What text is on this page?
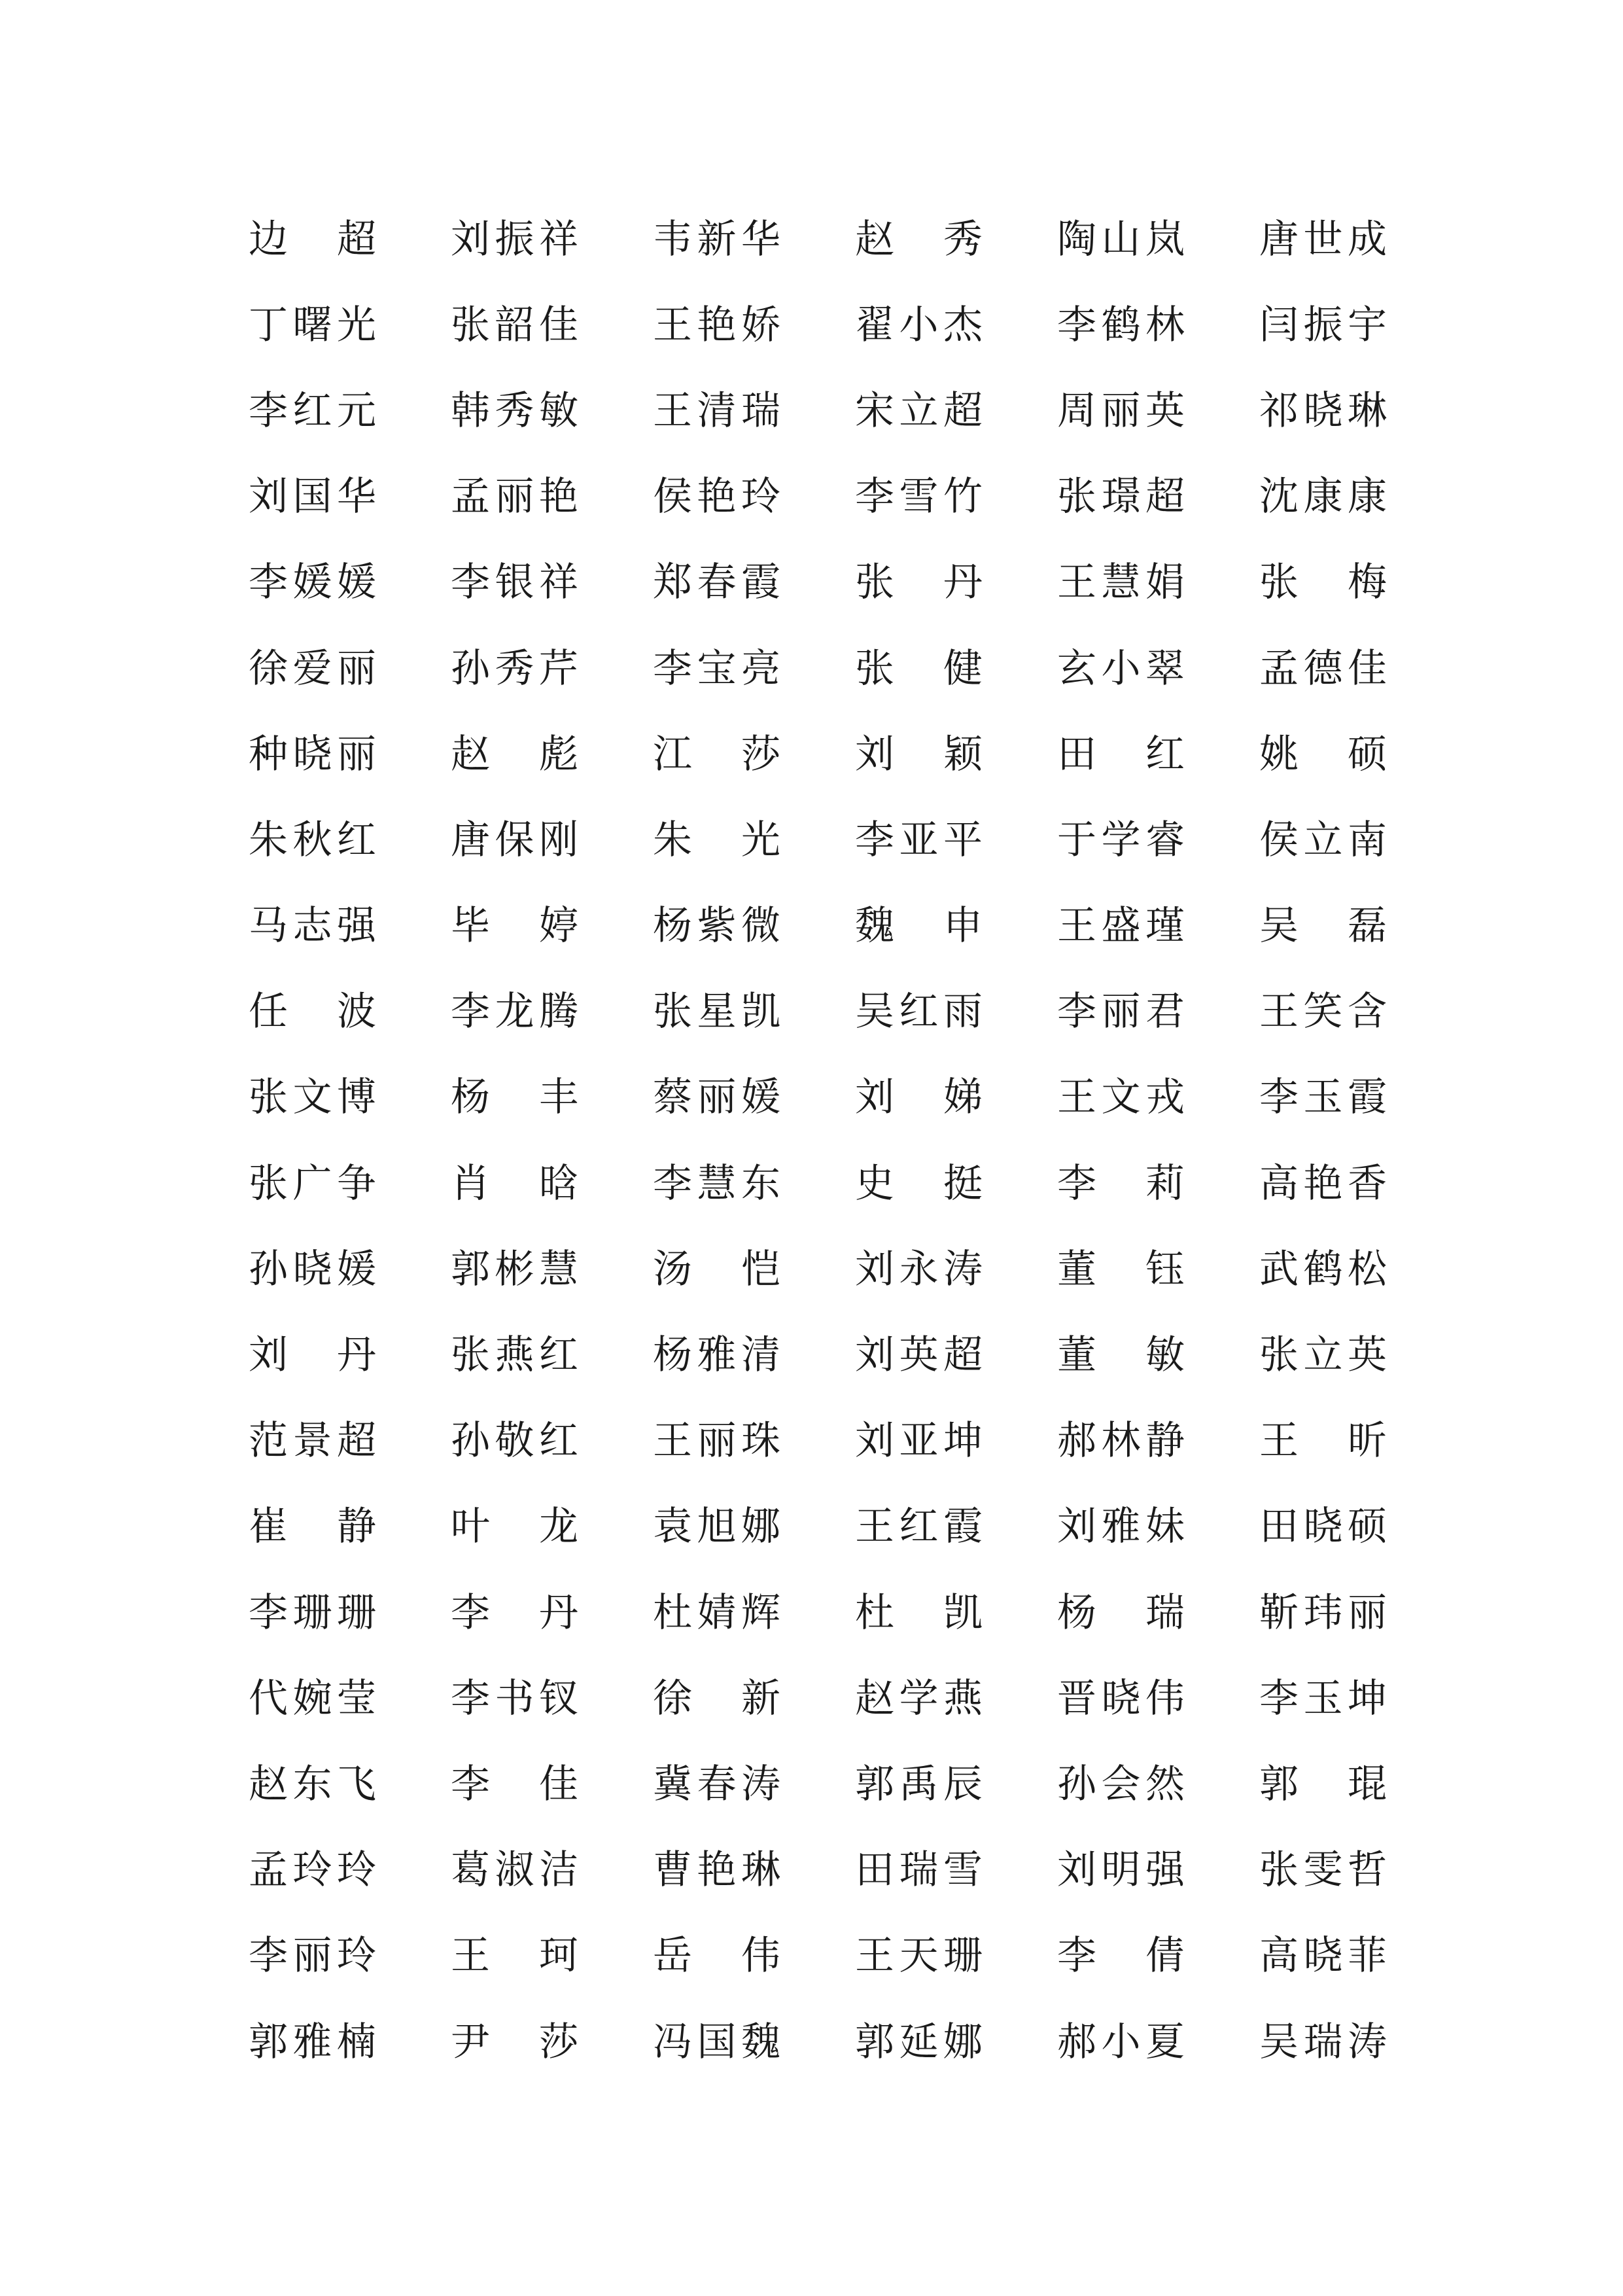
边 超 刘 振 祥 韦 新 华 赵 秀 陶 山 岚 唐 世 成
丁 曙 光 张 韶 佳 王 艳 娇 翟 小 杰 李 鹤 林 闫 振 宇
李 红 元 韩 秀 敏 王 清 瑞 宋 立 超 周 丽 英 祁 晓 琳
刘 国 华 孟 丽 艳 侯 艳 玲 李 雪 竹 张 璟 超 沈 康 康
李 媛 媛 李 银 祥 郑 春 霞 张 丹 王 慧 娟 张 梅
徐 爱 丽 孙 秀 芹 李 宝 亮 张 健 玄 小 翠 孟 德 佳
种 晓 丽 赵 彪 江 莎 刘 颖 田 红 姚 硕
朱 秋 红 唐 保 刚 朱 光 李 亚 平 于 学 睿 侯 立 南
马 志 强 毕 婷 杨 紫 微 魏 申 王 盛 瑾 吴 磊
任 波 李 龙 腾 张 星 凯 吴 红 雨 李 丽 君 王 笑 含
张 文 博 杨 丰 蔡 丽 媛 刘 娣 王 文 戎 李 玉 霞
张 广 争 肖 晗 李 慧 东 史 挺 李 莉 高 艳 香
孙 晓 媛 郭 彬 慧 汤 恺 刘 永 涛 董 钰 武 鹤 松
刘 丹 张 燕 红 杨 雅 清 刘 英 超 董 敏 张 立 英
范 景 超 孙 敬 红 王 丽 珠 刘 亚 坤 郝 林 静 王 昕
崔 静 叶 龙 袁 旭 娜 王 红 霞 刘 雅 妹 田 晓 硕
李 珊 珊 李 丹 杜 婧 辉 杜 凯 杨 瑞 靳 玮 丽
代 婉 莹 李 书 钗 徐 新 赵 学 燕 晋 晓 伟 李 玉 坤
赵 东 飞 李 佳 冀 春 涛 郭 禹 辰 孙 会 然 郭 琨
孟 玲 玲 葛 淑 洁 曹 艳 琳 田 瑞 雪 刘 明 强 张 雯 哲
李 丽 玲 王 珂 岳 伟 王 天 珊 李 倩 高 晓 菲
郭 雅 楠 尹 莎 冯 国 魏 郭 延 娜 郝 小 夏 吴 瑞 涛
